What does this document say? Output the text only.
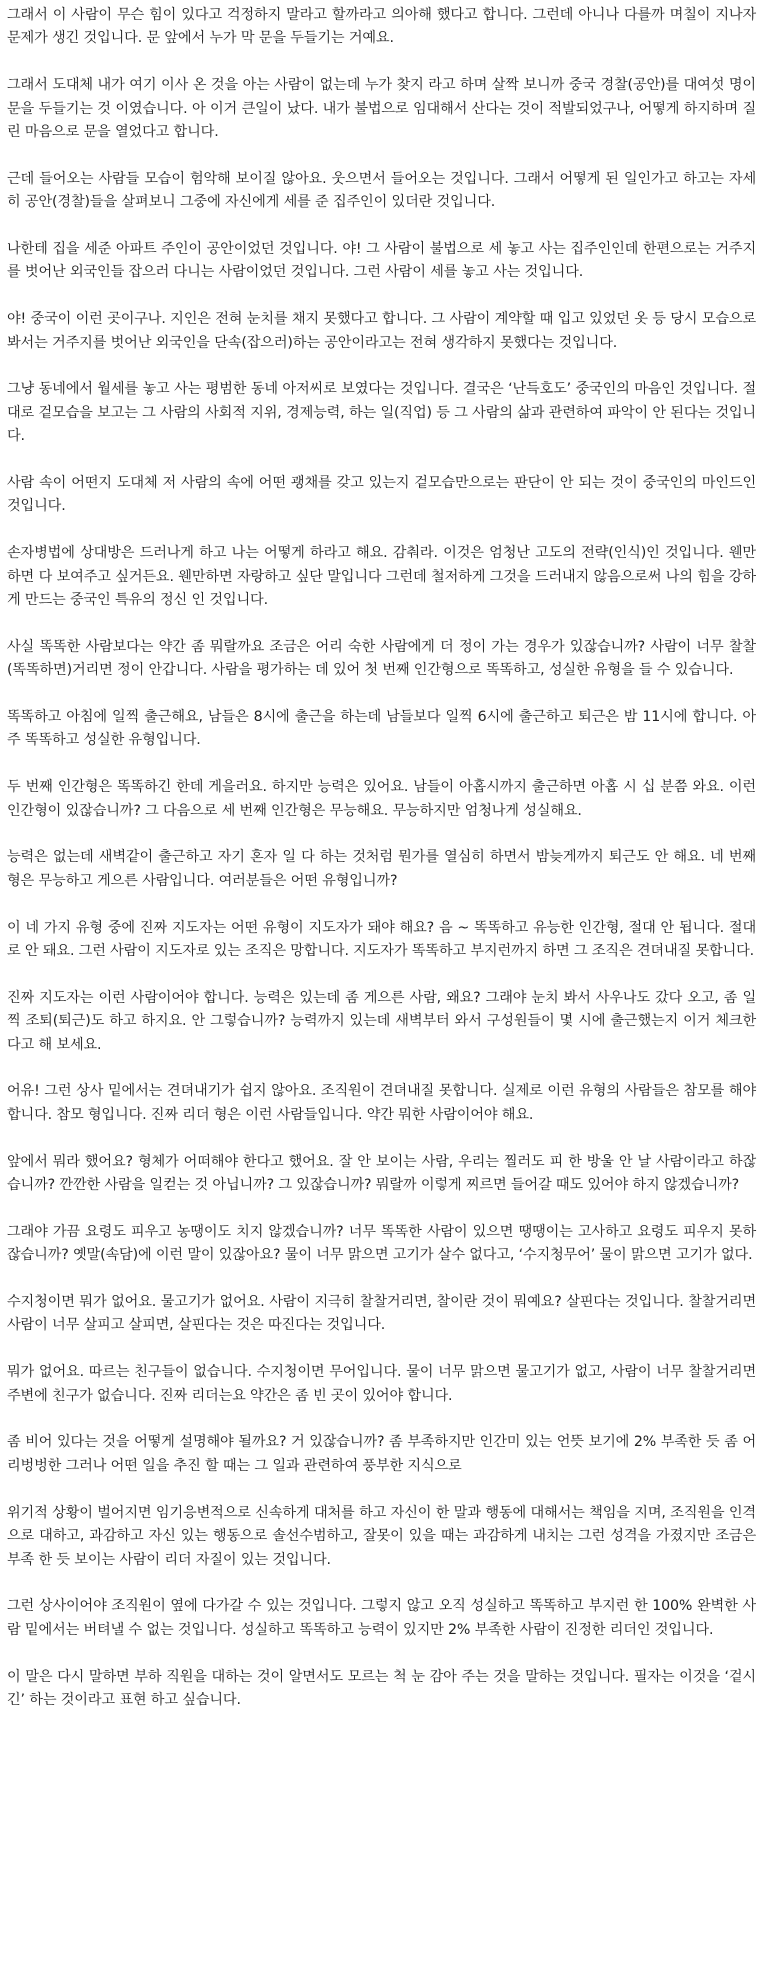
그래서 이 사람이 무슨 힘이 있다고 걱정하지 말라고 할까라고 의아해 했다고 합니다. 그런데 아니나 다를까 며칠이 지나자 문제가 생긴 것입니다. 문 앞에서 누가 막 문을 두들기는 거예요.

그래서 도대체 내가 여기 이사 온 것을 아는 사람이 없는데 누가 찾지 라고 하며 살짝 보니까 중국 경찰(공안)를 대여섯 명이 문을 두들기는 것 이였습니다. 아 이거 큰일이 났다. 내가 불법으로 임대해서 산다는 것이 적발되었구나, 어떻게 하지하며 질린 마음으로 문을 열었다고 합니다.

근데 들어오는 사람들 모습이 험악해 보이질 않아요. 웃으면서 들어오는 것입니다. 그래서 어떻게 된 일인가고 하고는 자세히 공안(경찰)들을 살펴보니 그중에 자신에게 세를 준 집주인이 있더란 것입니다.

나한테 집을 세준 아파트 주인이 공안이었던 것입니다. 야! 그 사람이 불법으로 세 놓고 사는 집주인인데 한편으로는 거주지를 벗어난 외국인들 잡으러 다니는 사람이었던 것입니다. 그런 사람이 세를 놓고 사는 것입니다.

야! 중국이 이런 곳이구나. 지인은 전혀 눈치를 채지 못했다고 합니다. 그 사람이 계약할 때 입고 있었던 옷 등 당시 모습으로 봐서는 거주지를 벗어난 외국인을 단속(잡으러)하는 공안이라고는 전혀 생각하지 못했다는 것입니다.

그냥 동네에서 월세를 놓고 사는 평범한 동네 아저씨로 보였다는 것입니다. 결국은 ‘난득호도’ 중국인의 마음인 것입니다. 절대로 겉모습을 보고는 그 사람의 사회적 지위, 경제능력, 하는 일(직업) 등 그 사람의 삶과 관련하여 파악이 안 된다는 것입니다.

사람 속이 어떤지 도대체 저 사람의 속에 어떤 괭채를 갖고 있는지 겉모습만으로는 판단이 안 되는 것이 중국인의 마인드인 것입니다.

손자병법에 상대방은 드러나게 하고 나는 어떻게 하라고 해요. 감춰라. 이것은 엄청난 고도의 전략(인식)인 것입니다. 웬만하면 다 보여주고 싶거든요. 웬만하면 자랑하고 싶단 말입니다 그런데 철저하게 그것을 드러내지 않음으로써 나의 힘을 강하게 만드는 중국인 특유의 정신 인 것입니다.

사실 똑똑한 사람보다는 약간 좀 뭐랄까요 조금은 어리 숙한 사람에게 더 정이 가는 경우가 있잖습니까? 사람이 너무 찰찰(똑똑하면)거리면 정이 안갑니다. 사람을 평가하는 데 있어 첫 번째 인간형으로 똑똑하고, 성실한 유형을 들 수 있습니다.

똑똑하고 아침에 일찍 출근해요, 남들은 8시에 출근을 하는데 남들보다 일찍 6시에 출근하고 퇴근은 밤 11시에 합니다. 아주 똑똑하고 성실한 유형입니다.

두 번째 인간형은 똑똑하긴 한데 게을러요. 하지만 능력은 있어요. 남들이 아홉시까지 출근하면 아홉 시 십 분쯤 와요. 이런 인간형이 있잖습니까? 그 다음으로 세 번째 인간형은 무능해요. 무능하지만 엄청나게 성실해요.

능력은 없는데 새벽같이 출근하고 자기 혼자 일 다 하는 것처럼 뭔가를 열심히 하면서 밤늦게까지 퇴근도 안 해요. 네 번째 형은 무능하고 게으른 사람입니다. 여러분들은 어떤 유형입니까?

이 네 가지 유형 중에 진짜 지도자는 어떤 유형이 지도자가 돼야 해요? 음 ~ 똑똑하고 유능한 인간형, 절대 안 됩니다. 절대로 안 돼요. 그런 사람이 지도자로 있는 조직은 망합니다. 지도자가 똑똑하고 부지런까지 하면 그 조직은 견뎌내질 못합니다.

진짜 지도자는 이런 사람이어야 합니다. 능력은 있는데 좀 게으른 사람, 왜요? 그래야 눈치 봐서 사우나도 갔다 오고, 좀 일찍 조퇴(퇴근)도 하고 하지요. 안 그렇습니까? 능력까지 있는데 새벽부터 와서 구성원들이 몇 시에 출근했는지 이거 체크한다고 해 보세요.

어유! 그런 상사 밑에서는 견뎌내기가 쉽지 않아요. 조직원이 견뎌내질 못합니다. 실제로 이런 유형의 사람들은 참모를 해야 합니다. 참모 형입니다. 진짜 리더 형은 이런 사람들입니다. 약간 뭐한 사람이어야 해요.

앞에서 뭐라 했어요? 형체가 어떠해야 한다고 했어요. 잘 안 보이는 사람, 우리는 찔러도 피 한 방울 안 날 사람이라고 하잖습니까? 깐깐한 사람을 일컫는 것 아닙니까? 그 있잖습니까? 뭐랄까 이렇게 찌르면 들어갈 때도 있어야 하지 않겠습니까?

그래야 가끔 요령도 피우고 농땡이도 치지 않겠습니까? 너무 똑똑한 사람이 있으면 땡땡이는 고사하고 요령도 피우지 못하잖습니까? 옛말(속담)에 이런 말이 있잖아요? 물이 너무 맑으면 고기가 살수 없다고, ‘수지청무어’ 물이 맑으면 고기가 없다.

수지청이면 뭐가 없어요. 물고기가 없어요. 사람이 지극히 찰찰거리면, 찰이란 것이 뭐예요? 살핀다는 것입니다. 찰찰거리면 사람이 너무 살피고 살피면, 살핀다는 것은 따진다는 것입니다.

뭐가 없어요. 따르는 친구들이 없습니다. 수지청이면 무어입니다. 물이 너무 맑으면 물고기가 없고, 사람이 너무 찰찰거리면 주변에 친구가 없습니다. 진짜 리더는요 약간은 좀 빈 곳이 있어야 합니다.

좀 비어 있다는 것을 어떻게 설명해야 될까요? 거 있잖습니까? 좀 부족하지만 인간미 있는 언뜻 보기에 2% 부족한 듯 좀 어리벙벙한 그러나 어떤 일을 추진 할 때는 그 일과 관련하여 풍부한 지식으로

위기적 상황이 벌어지면 임기응변적으로 신속하게 대처를 하고 자신이 한 말과 행동에 대해서는 책임을 지며, 조직원을 인격으로 대하고, 과감하고 자신 있는 행동으로 솔선수범하고, 잘못이 있을 때는 과감하게 내치는 그런 성격을 가졌지만 조금은 부족 한 듯 보이는 사람이 리더 자질이 있는 것입니다.

그런 상사이어야 조직원이 옆에 다가갈 수 있는 것입니다. 그렇지 않고 오직 성실하고 똑똑하고 부지런 한 100% 완벽한 사람 밑에서는 버텨낼 수 없는 것입니다. 성실하고 똑똑하고 능력이 있지만 2% 부족한 사람이 진정한 리더인 것입니다.

이 말은 다시 말하면 부하 직원을 대하는 것이 알면서도 모르는 척 눈 감아 주는 것을 말하는 것입니다. 필자는 이것을 ‘겉시긴’ 하는 것이라고 표현 하고 싶습니다.
